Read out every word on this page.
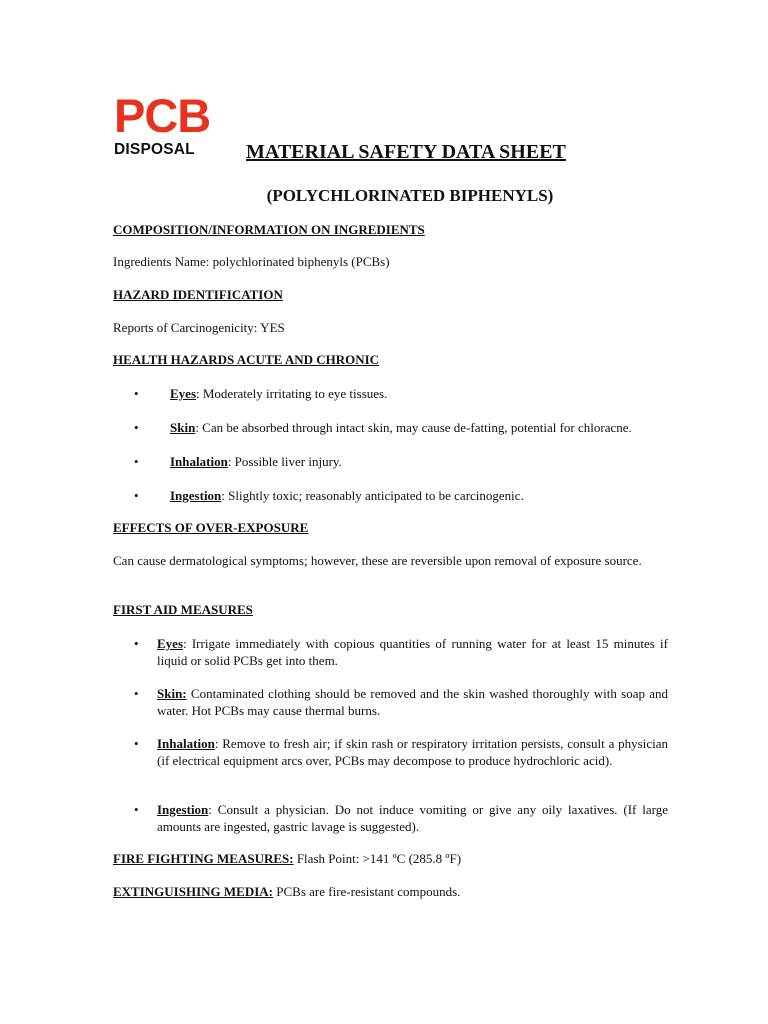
PCB
DISPOSAL	MATERIAL SAFETY DATA SHEET
(POLYCHLORINATED BIPHENYLS)
COMPOSITION/INFORMATION ON INGREDIENTS
Ingredients Name: polychlorinated biphenyls (PCBs)
HAZARD IDENTIFICATION
Reports of Carcinogenicity: YES
HEALTH HAZARDS ACUTE AND CHRONIC
• Eyes: Moderately irritating to eye tissues.
• Skin: Can be absorbed through intact skin, may cause de-fatting, potential for chloracne.
• Inhalation: Possible liver injury.
• Ingestion: Slightly toxic; reasonably anticipated to be carcinogenic.
EFFECTS OF OVER-EXPOSURE
Can cause dermatological symptoms; however, these are reversible upon removal of exposure source.
FIRST AID MEASURES
• Eyes: Irrigate immediately with copious quantities of running water for at least 15 minutes if liquid or solid PCBs get into them.
• Skin: Contaminated clothing should be removed and the skin washed thoroughly with soap and water. Hot PCBs may cause thermal burns.
• Inhalation: Remove to fresh air; if skin rash or respiratory irritation persists, consult a physician (if electrical equipment arcs over, PCBs may decompose to produce hydrochloric acid).
• Ingestion: Consult a physician. Do not induce vomiting or give any oily laxatives. (If large amounts are ingested, gastric lavage is suggested).
FIRE FIGHTING MEASURES: Flash Point: >141 ºC (285.8 ºF)
EXTINGUISHING MEDIA: PCBs are fire-resistant compounds.
